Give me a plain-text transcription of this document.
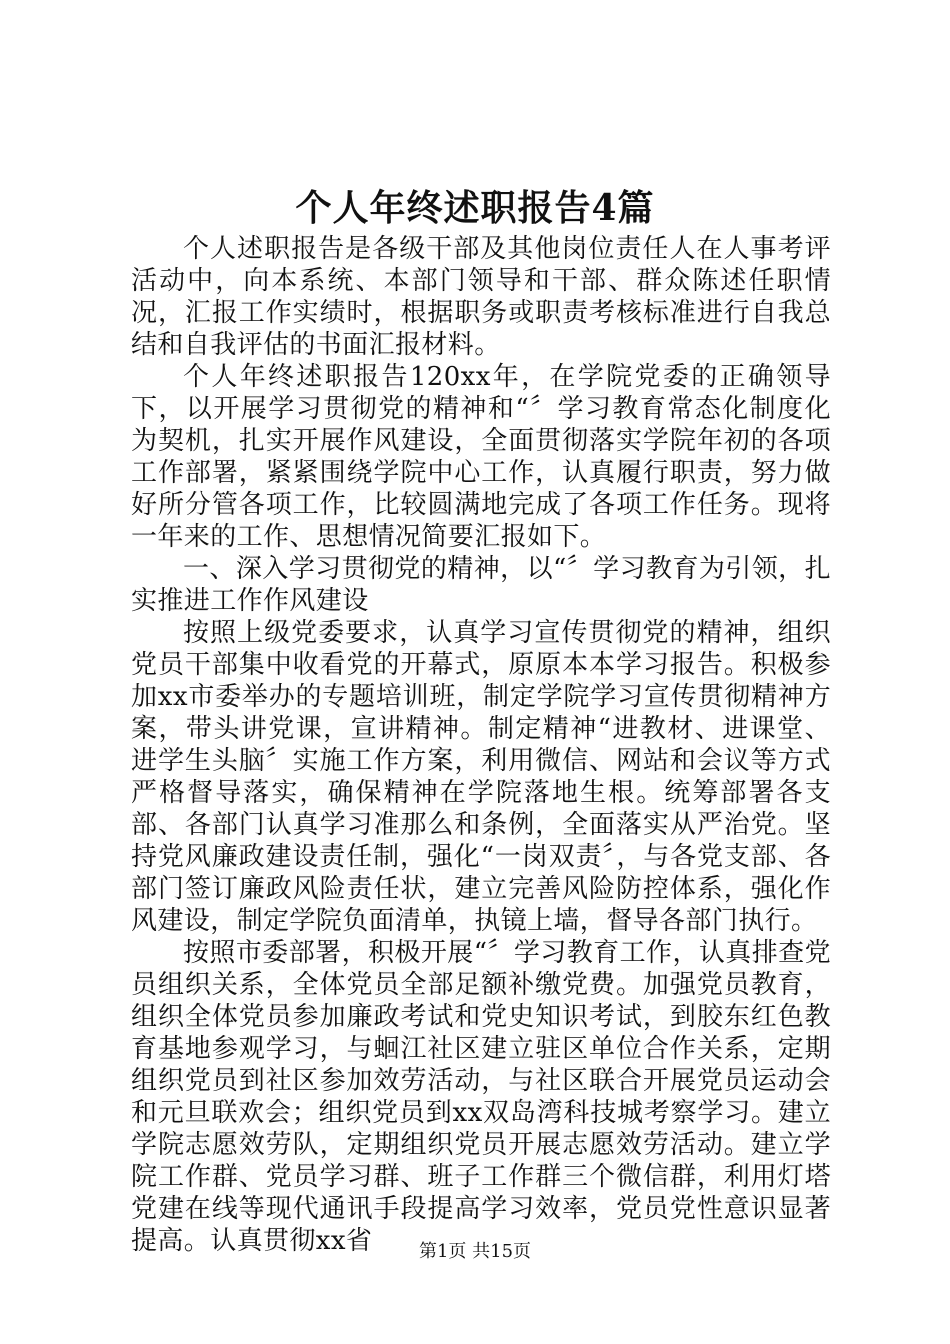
个人年终述职报告4篇

个人述职报告是各级干部及其他岗位责任人在人事考评活动中，向本系统、本部门领导和干部、群众陈述任职情况，汇报工作实绩时，根据职务或职责考核标准进行自我总结和自我评估的书面汇报材料。

个人年终述职报告120xx年，在学院党委的正确领导下，以开展学习贯彻党的精神和“〞学习教育常态化制度化为契机，扎实开展作风建设，全面贯彻落实学院年初的各项工作部署，紧紧围绕学院中心工作，认真履行职责，努力做好所分管各项工作，比较圆满地完成了各项工作任务。现将一年来的工作、思想情况简要汇报如下。

一、深入学习贯彻党的精神，以“〞学习教育为引领，扎实推进工作作风建设

按照上级党委要求，认真学习宣传贯彻党的精神，组织党员干部集中收看党的开幕式，原原本本学习报告。积极参加xx市委举办的专题培训班，制定学院学习宣传贯彻精神方案，带头讲党课，宣讲精神。制定精神“进教材、进课堂、进学生头脑〞实施工作方案，利用微信、网站和会议等方式严格督导落实，确保精神在学院落地生根。统筹部署各支部、各部门认真学习准那么和条例，全面落实从严治党。坚持党风廉政建设责任制，强化“一岗双责〞，与各党支部、各部门签订廉政风险责任状，建立完善风险防控体系，强化作风建设，制定学院负面清单，执镜上墙，督导各部门执行。

按照市委部署，积极开展“〞学习教育工作，认真排查党员组织关系，全体党员全部足额补缴党费。加强党员教育，组织全体党员参加廉政考试和党史知识考试，到胶东红色教育基地参观学习，与蛔江社区建立驻区单位合作关系，定期组织党员到社区参加效劳活动，与社区联合开展党员运动会和元旦联欢会；组织党员到xx双岛湾科技城考察学习。建立学院志愿效劳队，定期组织党员开展志愿效劳活动。建立学院工作群、党员学习群、班子工作群三个微信群，利用灯塔党建在线等现代通讯手段提高学习效率，党员党性意识显著提高。认真贯彻xx省	第1页 共15页
